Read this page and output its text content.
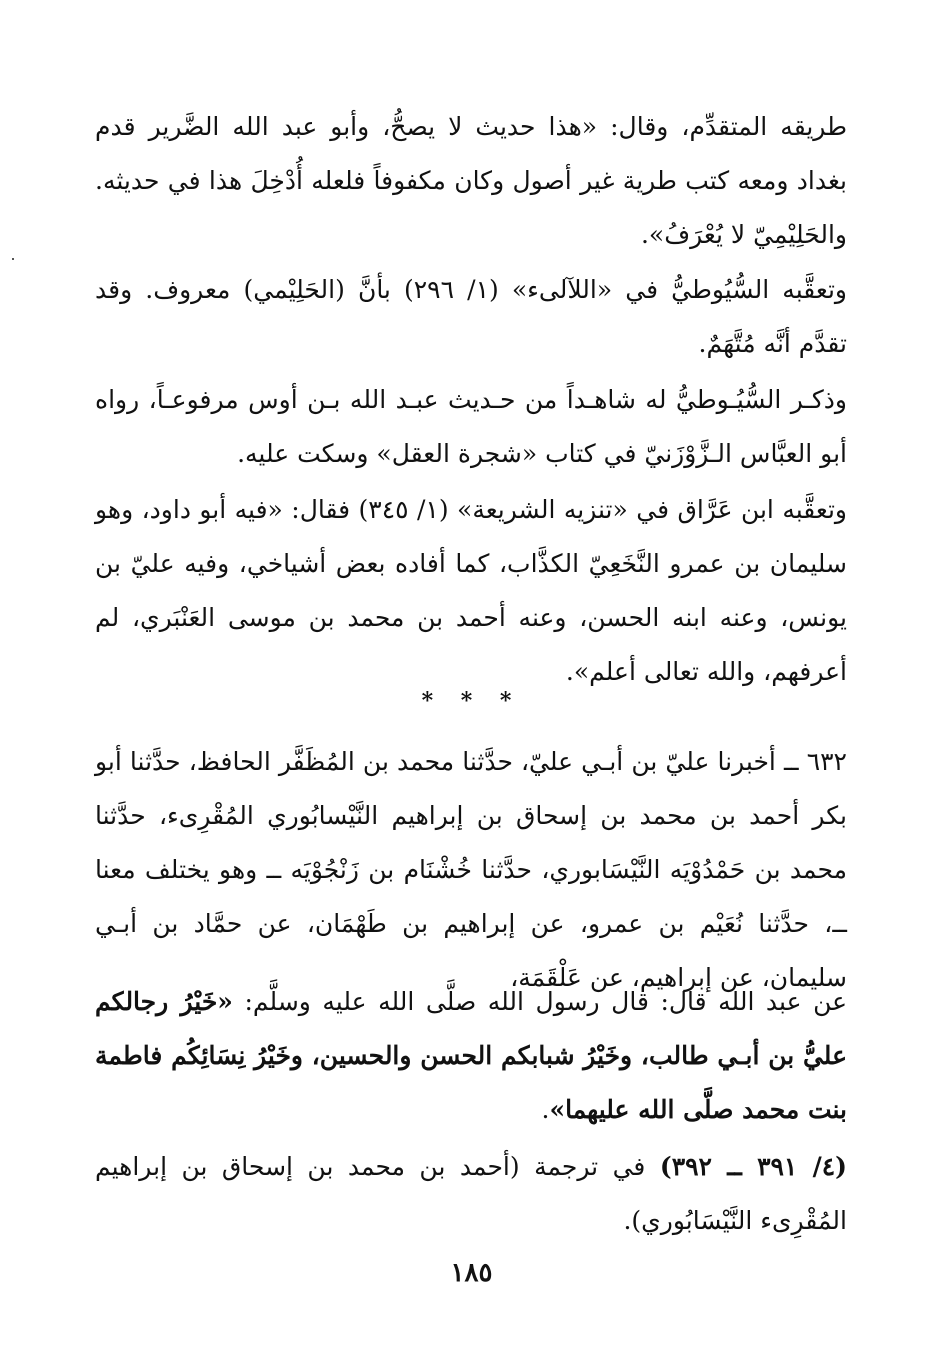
طريقه المتقدِّم، وقال: «هذا حديث لا يصحُّ، وأبو عبد الله الضَّرير قدم بغداد ومعه كتب طرية غير أصول وكان مكفوفاً فلعله أُدْخِلَ هذا في حديثه. والحَلِيْمِيّ لا يُعْرَفُ».

وتعقَّبه السُّيُوطيُّ في «اللآلىء» (١/ ٢٩٦) بأنَّ (الحَلِيْمي) معروف. وقد تقدَّم أنَّه مُتَّهَمٌ.

وذكـر السُّيُـوطيُّ له شاهـداً من حـديث عبـد الله بـن أوس مرفوعـاً، رواه أبو العبَّاس الـزَّوْزَنيّ في كتاب «شجرة العقل» وسكت عليه.

وتعقَّبه ابن عَرَّاق في «تنزيه الشريعة» (١/ ٣٤٥) فقال: «فيه أبو داود، وهو سليمان بن عمرو النَّخَعِيّ الكذَّاب، كما أفاده بعض أشياخي، وفيه عليّ بن يونس، وعنه ابنه الحسن، وعنه أحمد بن محمد بن موسى العَنْبَري، لم أعرفهم، والله تعالى أعلم».

* * *

٦٣٢ ــ أخبرنا عليّ بن أبـي عليّ، حدَّثنا محمد بن المُظَفَّر الحافظ، حدَّثنا أبو بكر أحمد بن محمد بن إسحاق بن إبراهيم النَّيْسابُوري المُقْرِىء، حدَّثنا محمد بن حَمْدُوْيَه النَّيْسَابوري، حدَّثنا خُشْنَام بن زَنْجُوْيَه ــ وهو يختلف معنا ــ، حدَّثنا نُعَيْم بن عمرو، عن إبراهيم بن طَهْمَان، عن حمَّاد بن أبـي سليمان، عن إبراهيم، عن عَلْقَمَة،

عن عبد الله قال: قال رسول الله صلَّى الله عليه وسلَّم: «خَيْرُ رجالكم عليُّ بن أبـي طالب، وخَيْرُ شبابكم الحسن والحسين، وخَيْرُ نِسَائِكُم فاطمة بنت محمد صلَّى الله عليهما».

(٤/ ٣٩١ ــ ٣٩٢) في ترجمة (أحمد بن محمد بن إسحاق بن إبراهيم المُقْرِىء النَّيْسَابُوري).

١٨٥
